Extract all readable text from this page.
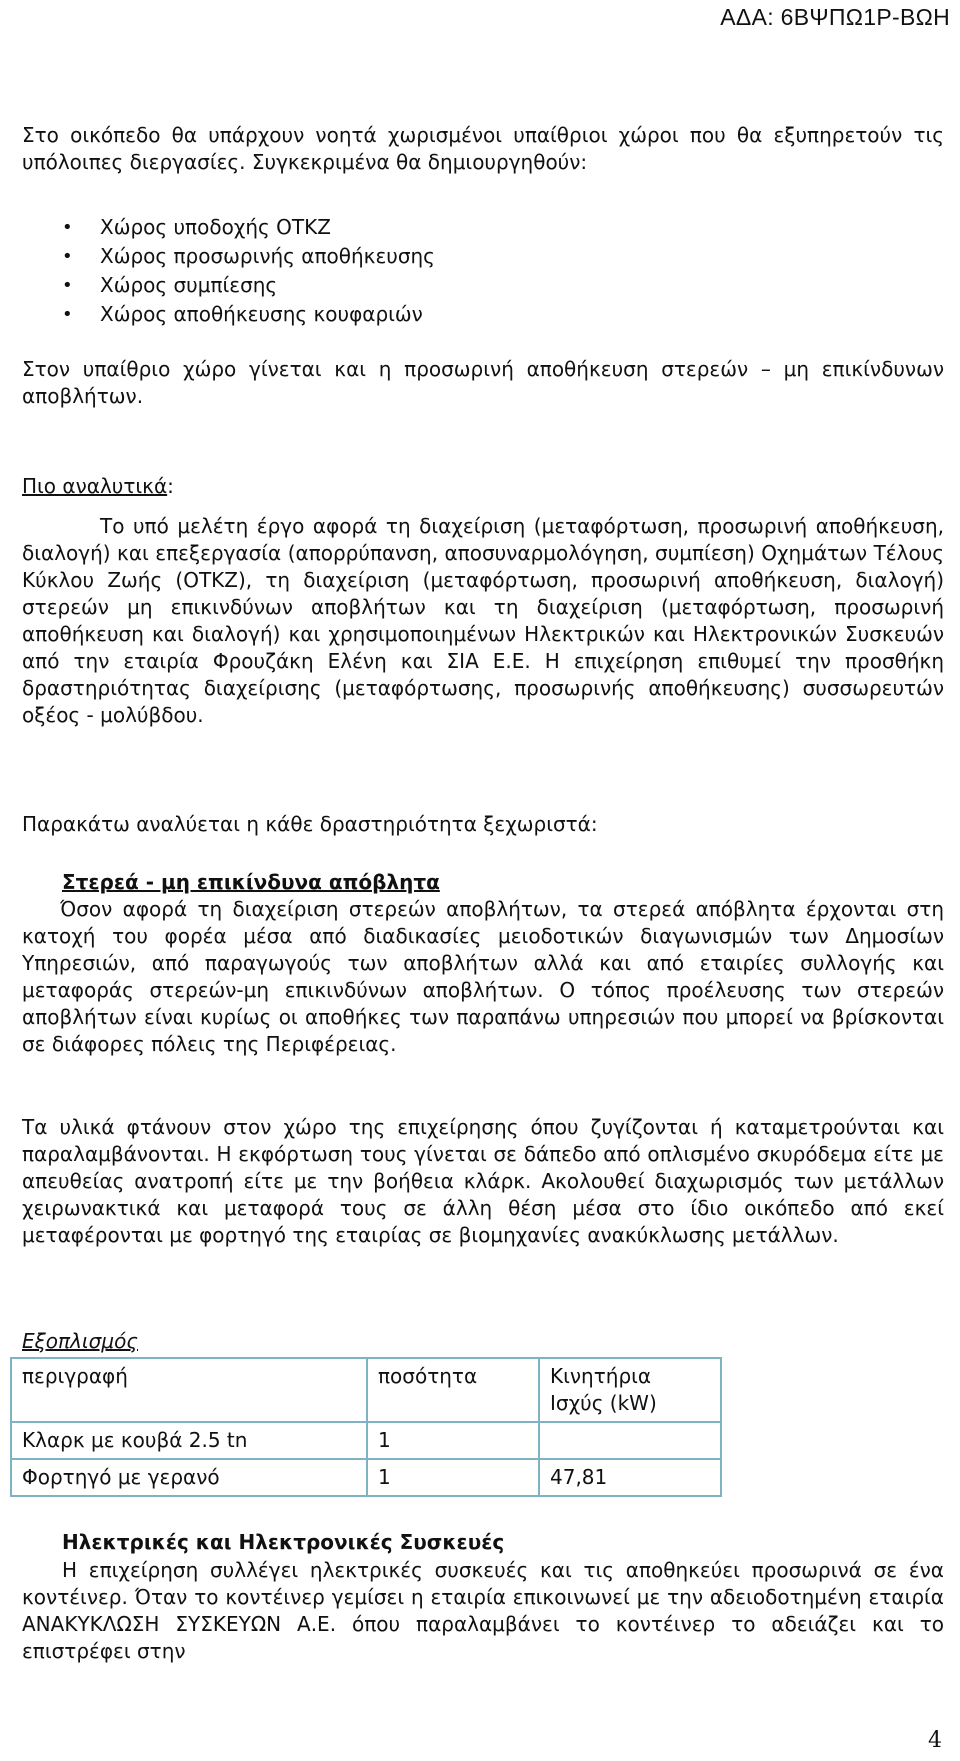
ΑΔΑ: 6ΒΨΠΩ1Ρ-ΒΩΗ
Στο οικόπεδο θα υπάρχουν νοητά χωρισμένοι υπαίθριοι χώροι που θα εξυπηρετούν τις υπόλοιπες διεργασίες. Συγκεκριμένα θα δημιουργηθούν:
• Χώρος υποδοχής ΟΤΚΖ
• Χώρος προσωρινής αποθήκευσης
• Χώρος συμπίεσης
• Χώρος αποθήκευσης κουφαριών
Στον υπαίθριο χώρο γίνεται και η προσωρινή αποθήκευση στερεών – μη επικίνδυνων αποβλήτων.
Πιο αναλυτικά:
Το υπό μελέτη έργο αφορά τη διαχείριση (μεταφόρτωση, προσωρινή αποθήκευση, διαλογή) και επεξεργασία (απορρύπανση, αποσυναρμολόγηση, συμπίεση) Οχημάτων Τέλους Κύκλου Ζωής (ΟΤΚΖ), τη διαχείριση (μεταφόρτωση, προσωρινή αποθήκευση, διαλογή) στερεών μη επικινδύνων αποβλήτων και τη διαχείριση (μεταφόρτωση, προσωρινή αποθήκευση και διαλογή) και χρησιμοποιημένων Ηλεκτρικών και Ηλεκτρονικών Συσκευών από την εταιρία Φρουζάκη Ελένη και ΣΙΑ Ε.Ε. Η επιχείρηση επιθυμεί την προσθήκη δραστηριότητας διαχείρισης (μεταφόρτωσης, προσωρινής αποθήκευσης) συσσωρευτών οξέος - μολύβδου.
Παρακάτω αναλύεται η κάθε δραστηριότητα ξεχωριστά:
Στερεά - μη επικίνδυνα απόβλητα
Όσον αφορά τη διαχείριση στερεών αποβλήτων, τα στερεά απόβλητα έρχονται στη κατοχή του φορέα μέσα από διαδικασίες μειοδοτικών διαγωνισμών των Δημοσίων Υπηρεσιών, από παραγωγούς των αποβλήτων αλλά και από εταιρίες συλλογής και μεταφοράς στερεών-μη επικινδύνων αποβλήτων. Ο τόπος προέλευσης των στερεών αποβλήτων είναι κυρίως οι αποθήκες των παραπάνω υπηρεσιών που μπορεί να βρίσκονται σε διάφορες πόλεις της Περιφέρειας.
Τα υλικά φτάνουν στον χώρο της επιχείρησης όπου ζυγίζονται ή καταμετρούνται και παραλαμβάνονται. Η εκφόρτωση τους γίνεται σε δάπεδο από οπλισμένο σκυρόδεμα είτε με απευθείας ανατροπή είτε με την βοήθεια κλάρκ. Ακολουθεί διαχωρισμός των μετάλλων χειρωνακτικά και μεταφορά τους σε άλλη θέση μέσα στο ίδιο οικόπεδο από εκεί μεταφέρονται με φορτηγό της εταιρίας σε βιομηχανίες ανακύκλωσης μετάλλων.
Εξοπλισμός
περιγραφή	ποσότητα	Κινητήρια Ισχύς (kW)
Κλαρκ με κουβά 2.5 tn	1	
Φορτηγό με γερανό	1	47,81
Ηλεκτρικές και Ηλεκτρονικές Συσκευές
Η επιχείρηση συλλέγει ηλεκτρικές συσκευές και τις αποθηκεύει προσωρινά σε ένα κοντέινερ. Όταν το κοντέινερ γεμίσει η εταιρία επικοινωνεί με την αδειοδοτημένη εταιρία ΑΝΑΚΥΚΛΩΣΗ ΣΥΣΚΕΥΩΝ Α.Ε. όπου παραλαμβάνει το κοντέινερ το αδειάζει και το επιστρέφει στην
4
